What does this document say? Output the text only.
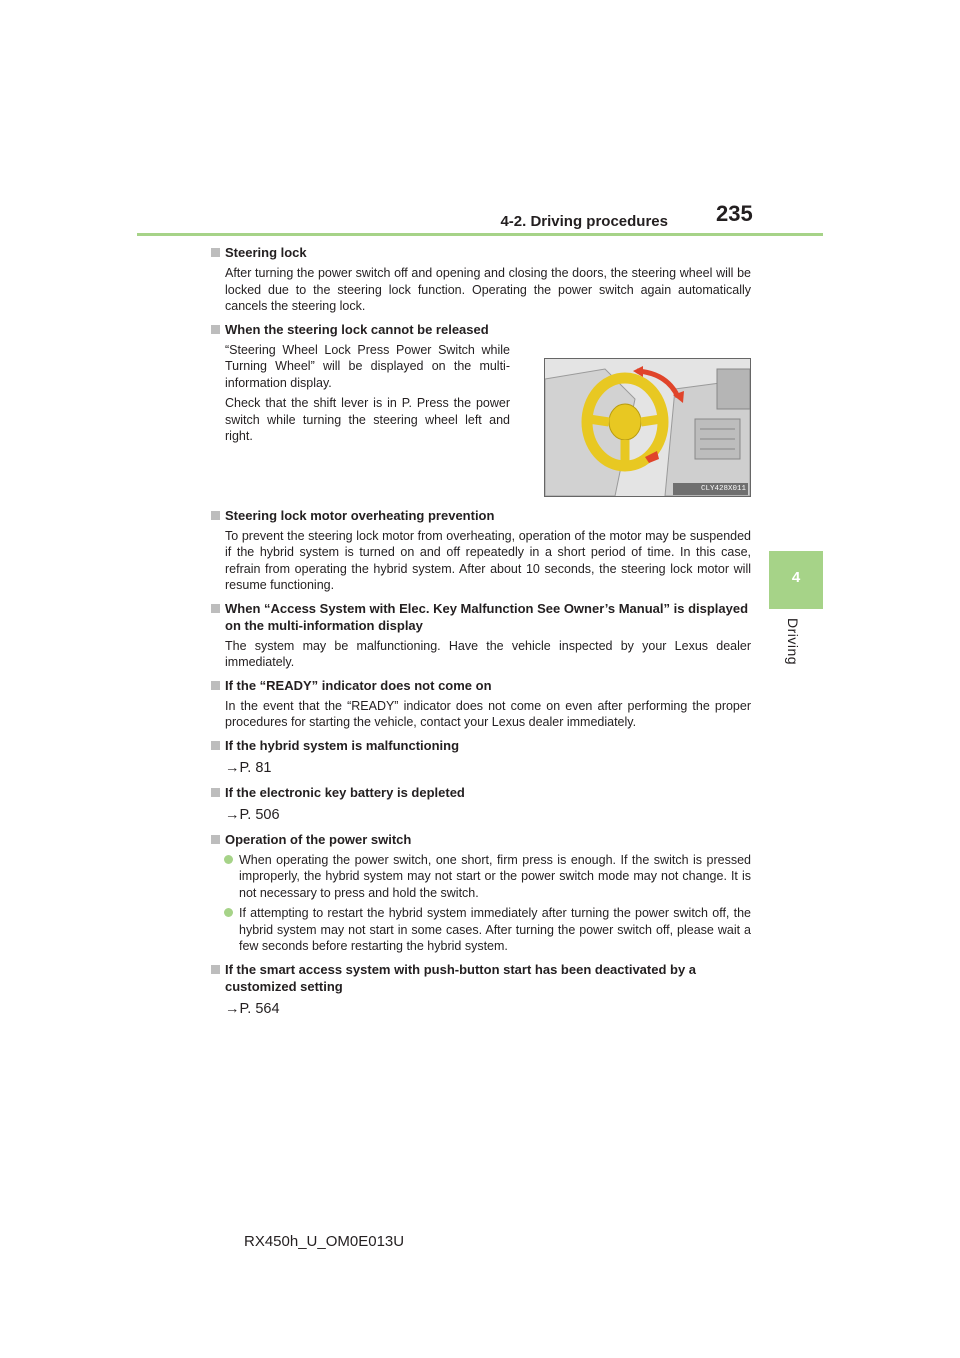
4-2. Driving procedures 235
4
Driving
Steering lock
After turning the power switch off and opening and closing the doors, the steering wheel will be locked due to the steering lock function. Operating the power switch again automatically cancels the steering lock.
When the steering lock cannot be released
“Steering Wheel Lock Press Power Switch while Turning Wheel” will be displayed on the multi-information display.
Check that the shift lever is in P. Press the power switch while turning the steering wheel left and right.
CLY428X011
Steering lock motor overheating prevention
To prevent the steering lock motor from overheating, operation of the motor may be suspended if the hybrid system is turned on and off repeatedly in a short period of time. In this case, refrain from operating the hybrid system. After about 10 seconds, the steering lock motor will resume functioning.
When “Access System with Elec. Key Malfunction See Owner’s Manual” is displayed on the multi-information display
The system may be malfunctioning. Have the vehicle inspected by your Lexus dealer immediately.
If the “READY” indicator does not come on
In the event that the “READY” indicator does not come on even after performing the proper procedures for starting the vehicle, contact your Lexus dealer immediately.
If the hybrid system is malfunctioning
→P. 81
If the electronic key battery is depleted
→P. 506
Operation of the power switch
When operating the power switch, one short, firm press is enough. If the switch is pressed improperly, the hybrid system may not start or the power switch mode may not change. It is not necessary to press and hold the switch.
If attempting to restart the hybrid system immediately after turning the power switch off, the hybrid system may not start in some cases. After turning the power switch off, please wait a few seconds before restarting the hybrid system.
If the smart access system with push-button start has been deactivated by a customized setting
→P. 564
RX450h_U_OM0E013U
